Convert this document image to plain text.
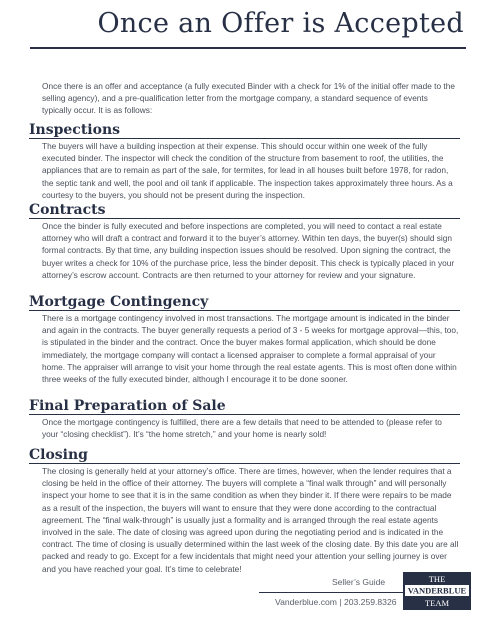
Once an Offer is Accepted

Once there is an offer and acceptance (a fully executed Binder with a check for 1% of the initial offer made to the selling agency), and a pre-qualification letter from the mortgage company, a standard sequence of events typically occur. It is as follows:

Inspections

The buyers will have a building inspection at their expense. This should occur within one week of the fully executed binder. The inspector will check the condition of the structure from basement to roof, the utilities, the appliances that are to remain as part of the sale, for termites, for lead in all houses built before 1978, for radon, the septic tank and well, the pool and oil tank if applicable. The inspection takes approximately three hours. As a courtesy to the buyers, you should not be present during the inspection.

Contracts

Once the binder is fully executed and before inspections are completed, you will need to contact a real estate attorney who will draft a contract and forward it to the buyer’s attorney. Within ten days, the buyer(s) should sign formal contracts. By that time, any building inspection issues should be resolved. Upon signing the contract, the buyer writes a check for 10% of the purchase price, less the binder deposit. This check is typically placed in your attorney’s escrow account. Contracts are then returned to your attorney for review and your signature.

Mortgage Contingency

There is a mortgage contingency involved in most transactions. The mortgage amount is indicated in the binder and again in the contracts. The buyer generally requests a period of 3 - 5 weeks for mortgage approval—this, too, is stipulated in the binder and the contract. Once the buyer makes formal application, which should be done immediately, the mortgage company will contact a licensed appraiser to complete a formal appraisal of your home. The appraiser will arrange to visit your home through the real estate agents. This is most often done within three weeks of the fully executed binder, although I encourage it to be done sooner.

Final Preparation of Sale

Once the mortgage contingency is fulfilled, there are a few details that need to be attended to (please refer to your “closing checklist”). It’s “the home stretch,” and your home is nearly sold!

Closing

The closing is generally held at your attorney’s office. There are times, however, when the lender requires that a closing be held in the office of their attorney. The buyers will complete a “final walk through” and will personally inspect your home to see that it is in the same condition as when they binder it. If there were repairs to be made as a result of the inspection, the buyers will want to ensure that they were done according to the contractual agreement. The “final walk-through” is usually just a formality and is arranged through the real estate agents involved in the sale. The date of closing was agreed upon during the negotiating period and is indicated in the contract. The time of closing is usually determined within the last week of the closing date. By this date you are all packed and ready to go. Except for a few incidentals that might need your attention your selling journey is over and you have reached your goal. It’s time to celebrate!

Seller’s Guide

Vanderblue.com | 203.259.8326

THE
VANDERBLUE
TEAM
